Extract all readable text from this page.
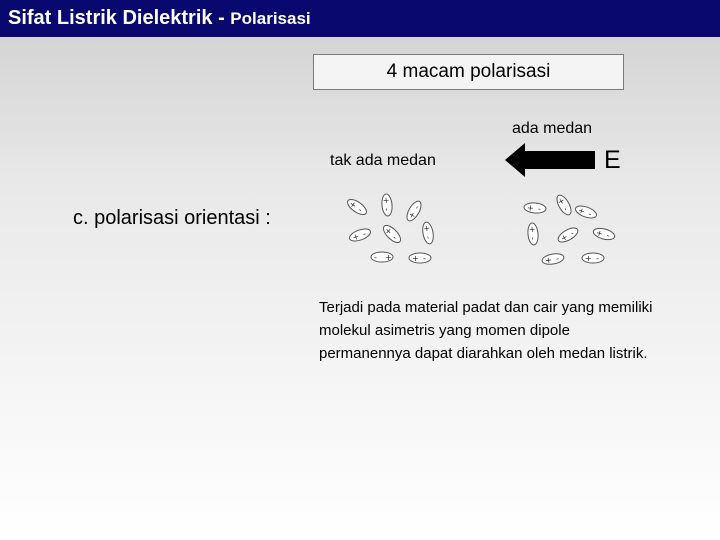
Sifat Listrik Dielektrik - Polarisasi
4 macam polarisasi
ada medan
tak ada medan	E
c. polarisasi orientasi :
+
-
+
-
+
-
+ - +
-
+
-
- +	+ -
+ -
+
- + -
+
-	+ - + -
+ -	+ -
Terjadi pada material padat dan cair yang memiliki molekul asimetris yang momen dipole permanennya dapat diarahkan oleh medan listrik.
